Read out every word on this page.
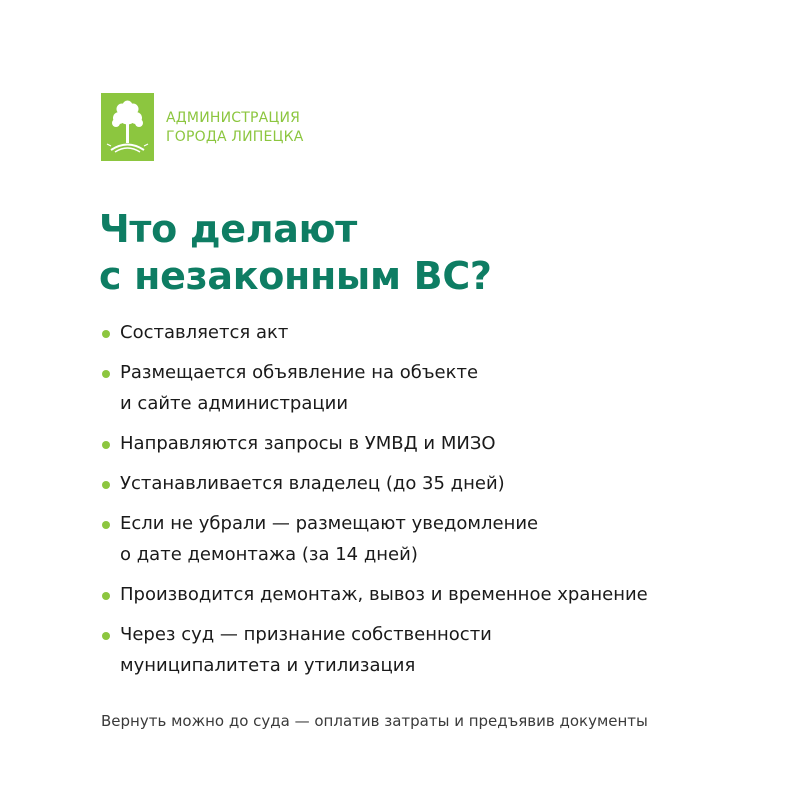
АДМИНИСТРАЦИЯ
ГОРОДА ЛИПЕЦКА
Что делают
с незаконным ВС?
Составляется акт
Размещается объявление на объекте
и сайте администрации
Направляются запросы в УМВД и МИЗО
Устанавливается владелец (до 35 дней)
Если не убрали — размещают уведомление
о дате демонтажа (за 14 дней)
Производится демонтаж, вывоз и временное хранение
Через суд — признание собственности
муниципалитета и утилизация
Вернуть можно до суда — оплатив затраты и предъявив документы
